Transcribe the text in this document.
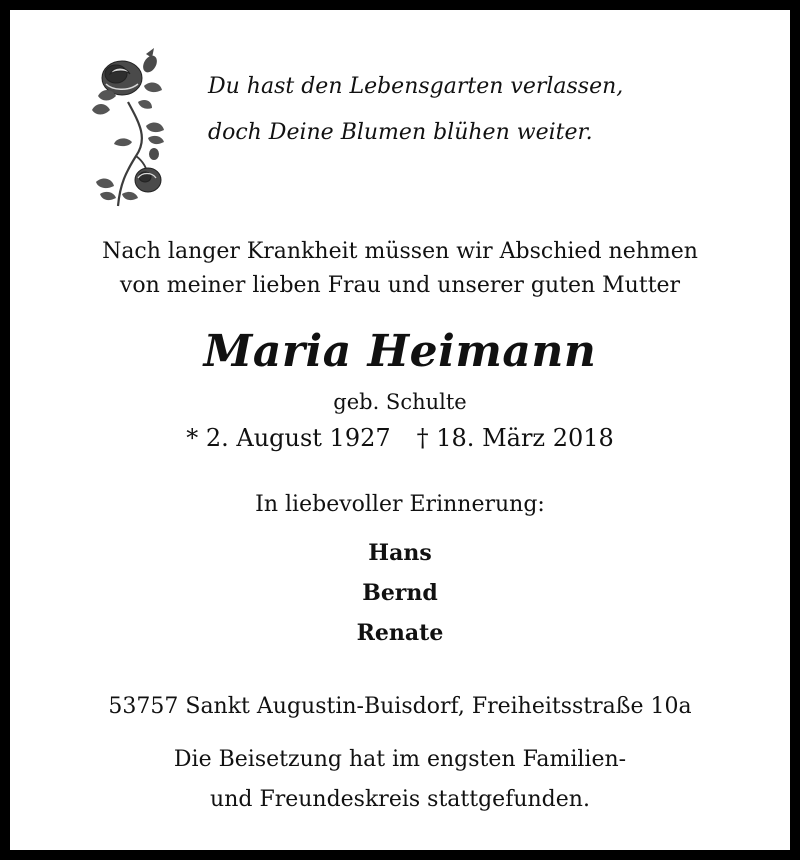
Du hast den Lebensgarten verlassen,
doch Deine Blumen blühen weiter.
Nach langer Krankheit müssen wir Abschied nehmen
von meiner lieben Frau und unserer guten Mutter
Maria Heimann
geb. Schulte
* 2. August 1927 † 18. März 2018
In liebevoller Erinnerung:
Hans
Bernd
Renate
53757 Sankt Augustin-Buisdorf, Freiheitsstraße 10a
Die Beisetzung hat im engsten Familien-
und Freundeskreis stattgefunden.
